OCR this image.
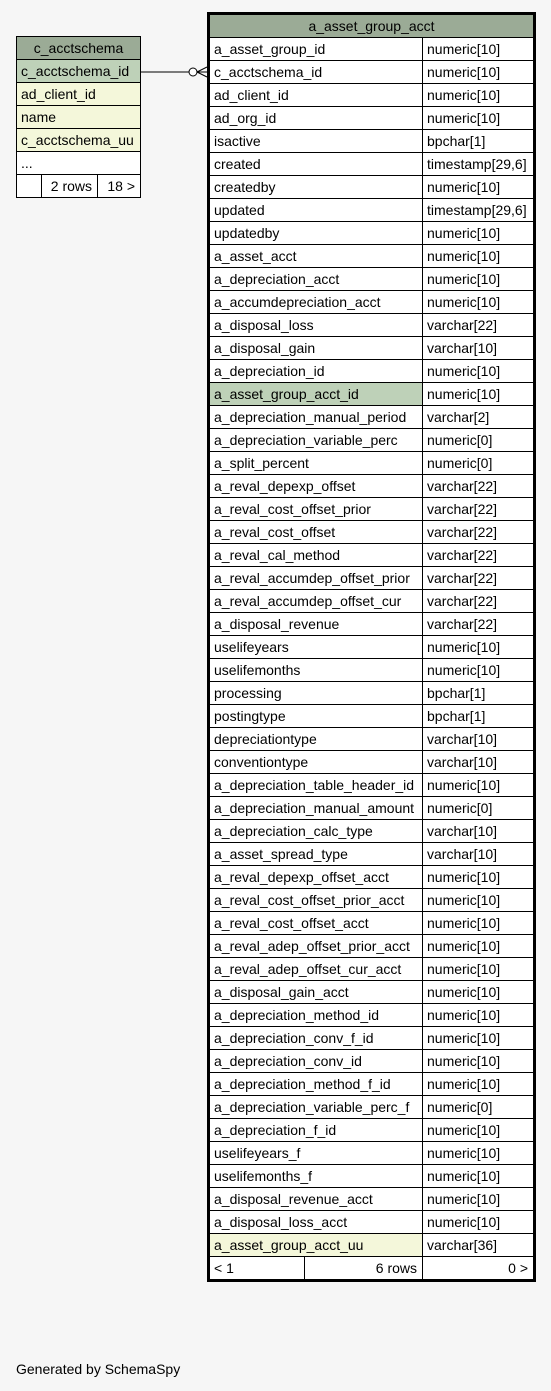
c_acctschema
c_acctschema_id
ad_client_id
name
c_acctschema_uu
...
	2 rows	18 >
a_asset_group_acct		
a_asset_group_id		numeric[10]
c_acctschema_id		numeric[10]
ad_client_id		numeric[10]
ad_org_id		numeric[10]
isactive		bpchar[1]
created		timestamp[29,6]
createdby		numeric[10]
updated		timestamp[29,6]
updatedby		numeric[10]
a_asset_acct		numeric[10]
a_depreciation_acct		numeric[10]
a_accumdepreciation_acct		numeric[10]
a_disposal_loss		varchar[22]
a_disposal_gain		varchar[10]
a_depreciation_id		numeric[10]
a_asset_group_acct_id		numeric[10]
a_depreciation_manual_period		varchar[2]
a_depreciation_variable_perc		numeric[0]
a_split_percent		numeric[0]
a_reval_depexp_offset		varchar[22]
a_reval_cost_offset_prior		varchar[22]
a_reval_cost_offset		varchar[22]
a_reval_cal_method		varchar[22]
a_reval_accumdep_offset_prior		varchar[22]
a_reval_accumdep_offset_cur		varchar[22]
a_disposal_revenue		varchar[22]
uselifeyears		numeric[10]
uselifemonths		numeric[10]
processing		bpchar[1]
postingtype		bpchar[1]
depreciationtype		varchar[10]
conventiontype		varchar[10]
a_depreciation_table_header_id		numeric[10]
a_depreciation_manual_amount		numeric[0]
a_depreciation_calc_type		varchar[10]
a_asset_spread_type		varchar[10]
a_reval_depexp_offset_acct		numeric[10]
a_reval_cost_offset_prior_acct		numeric[10]
a_reval_cost_offset_acct		numeric[10]
a_reval_adep_offset_prior_acct		numeric[10]
a_reval_adep_offset_cur_acct		numeric[10]
a_disposal_gain_acct		numeric[10]
a_depreciation_method_id		numeric[10]
a_depreciation_conv_f_id		numeric[10]
a_depreciation_conv_id		numeric[10]
a_depreciation_method_f_id		numeric[10]
a_depreciation_variable_perc_f		numeric[0]
a_depreciation_f_id		numeric[10]
uselifeyears_f		numeric[10]
uselifemonths_f		numeric[10]
a_disposal_revenue_acct		numeric[10]
a_disposal_loss_acct		numeric[10]
a_asset_group_acct_uu		varchar[36]
< 1	6 rows	0 >
Generated by SchemaSpy
